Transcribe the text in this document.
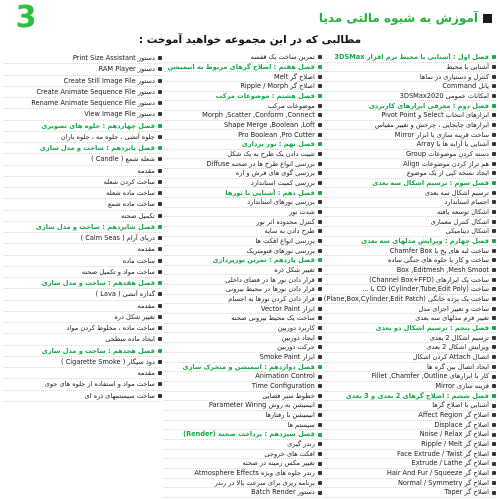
3	آموزش به شیوه مالتی مدیا
مطالبی که در این مجموعه خواهید آموخت :
فصل اول : آشنایی با محیط نرم افزار 3DSMax
آشنایی با محیط
کنترل و دستیاری در نماها
پانل Command
امکانات عمومی 3DSMax2020
فصل دوم : معرفی ابزارهای کاربردی
ابزارهای انتخاب Select و Pivot Point
ابزارهای جابجایی ، چرخش و تغییر مقیاس
ساخت قرینه سازی با ابزار Mirror
آشنایی با آرایه ها با Array
دسته کردن موضوعات Group
هم تراز کردن موضوعات Align
ایجاد نسخه کپی از یک موضوع
فصل سوم : ترسیم اشکال سه بعدی
ترسیم اشکال سه بعدی
اجسام استاندارد
اشکال توسعه یافته
اشکال کنترل معماری
اشکال دینامیکی
فصل چهارم : ویرایش مدلهای سه بعدی
ساخت لبه های پخ با Chamfer Box
ساخت و کار با جلوه های جنگی ساده
Box ,Editmesh ,Mesh Smoot
ساخت پک ابزارهای (Channel Box+FFD)
ساخت CD (Cylinder,Tube,Edit Poly) با ...
ساخت یک پرده خانگی (Plane,Box,Cylinder,Edit Patch)
ساخت و تغییر اجزای مدل
تغییر فرم مدلهای سه بعدی
فصل پنجم : ترسیم اشکال دو بعدی
ترسیم اشکال 2 بعدی
ویرایش اشکال 2 بعدی
اتصال Attach کردن اشکال
ایجاد اتصال بین گره ها
کار با ابزارهای Fillet ,Chamfer ,Outline
قرینه سازی Mirror
فصل ششم : اصلاح گرهای 2 بعدی و 3 بعدی
آشنایی با اصلاح گرها
اصلاح گر Affect Region
اصلاح گر Displace
اصلاح گر Noise / Relax
اصلاح گر Ripple / Melt
اصلاح گر Face Extrude / Twist
اصلاح گر Extrude / Lathe
اصلاح گر Hair And Fur / Squeeze
اصلاح گر Normal / Symmetry
اصلاح گر Taper
تمرین ساخت یک قفسه
فصل هفتم : اصلاح گرهای مربوط به انیمیشن
اصلاح گر Melt
اصلاح گر Ripple / Morph
فصل هشتم : موضوعات مرکب
موضوعات مرکب
Morph ,Scatter ,Conform ,Connect
Shape Merge ,Boolean ,Loft
Pro Boolean ,Pro Cutter
فصل نهم : نور پردازی
تثبیت دادن یک طرح به یک شکل
بررسی انواع طرح ها در صحنه Diffuse
بررسی گوی های فرش و اره
بررسی کمیت استاندارد
فصل دهم : آشنایی با نورها
بررسی نورهای استاندارد
شدت نور
کنترل محدوده اثر نور
طرح دادن به سایه
بررسی انواع افکت ها
بررسی نورهای فتومتریک
فصل یازدهم : تمرین نورپردازی
تغییر شکل ذره
قرار دادن نور ها در فضای داخلی
قرار دادن نورها در محیط بیرونی
قرار دادن کردن نورها به اجسام
ابزار Vector Paint
ساخت یک محیط بیرونی صحنه
کاربرد دوربین
ایجاد دوربین
حرکت دوربین
ابزار Smoke Paint
فصل دوازدهم : انیمیشن و متحرک سازی
Animation Control
Time Configuration
خطوط سیر فضایی
انیمیشن به روش Parameter Wiring
انیمیشن با رفتارها
سیستم ها
فصل سیزدهم : پرداخت صحنه (Render)
رندر گیری
افکت های خروجی
تغییر مکس زمینه در صحنه
رندر جلوه های ویژه Atmosphere Effects
برنامه ریزی برای سرعت بالا در رندر
دستور Batch Render
دستور Print Size Assistant
دستور RAM Player
دستور Create Still Image File
دستور Create Animate Sequence File
دستور Rename Animate Sequence File
دستور View Image File
فصل چهاردهم : جلوه های تصویری
جلوه آتشی ، جلوه مه ، جلوه باران
فصل پانزدهم : ساخت و مدل سازی
شعله شمع ( Candle )
مقدمه
ساخت کردن شعله
ساخت ماده شعله
ساخت ماده شمع
تکمیل صحنه
فصل شانزدهم : ساخت و مدل سازی
دریای آرام ( Calm Seas )
مقدمه
ساخت ماده
ساخت مواد و تکمیل صحنه
فصل هفدهم : ساخت و مدل سازی
گدازه آتشی ( Lava )
مقدمه
تغییر شکل ذره
ساخت ماده ، مخلوط کردن مواد
ایجاد ماده سطحی
فصل هجدهم : ساخت و مدل سازی
دود سیگار ( Cigarette Smoke )
مقدمه
ساخت مواد و استفاده از جلوه های جوی
ساخت سیستمهای ذره ای
